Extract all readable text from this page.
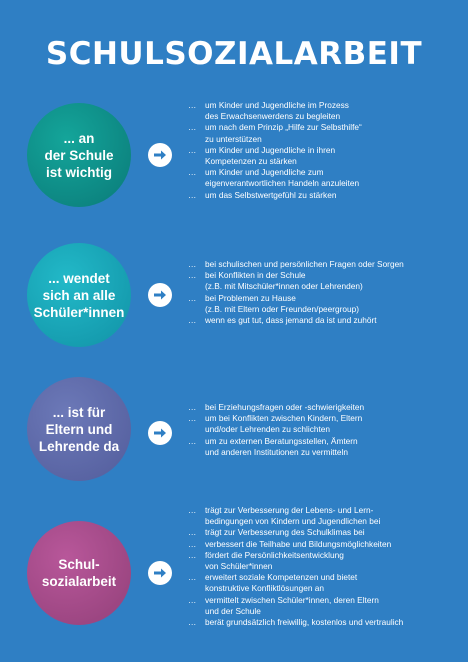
SCHULSOZIALARBEIT
... an
der Schule
ist wichtig
…	um Kinder und Jugendliche im Prozess
des Erwachsenwerdens zu begleiten
…	um nach dem Prinzip „Hilfe zur Selbsthilfe“
zu unterstützen
…	um Kinder und Jugendliche in ihren
Kompetenzen zu stärken
…	um Kinder und Jugendliche zum
eigenverantwortlichen Handeln anzuleiten
…	um das Selbstwertgefühl zu stärken
... wendet
sich an alle
Schüler*innen
…	bei schulischen und persönlichen Fragen oder Sorgen
…	bei Konflikten in der Schule
(z.B. mit Mitschüler*innen oder Lehrenden)
…	bei Problemen zu Hause
(z.B. mit Eltern oder Freunden/peergroup)
…	wenn es gut tut, dass jemand da ist und zuhört
... ist für
Eltern und
Lehrende da
…	bei Erziehungsfragen oder -schwierigkeiten
…	um bei Konflikten zwischen Kindern, Eltern
und/oder Lehrenden zu schlichten
…	um zu externen Beratungsstellen, Ämtern
und anderen Institutionen zu vermitteln
Schul-
sozialarbeit
…	trägt zur Verbesserung der Lebens- und Lern-
bedingungen von Kindern und Jugendlichen bei
…	trägt zur Verbesserung des Schulklimas bei
…	verbessert die Teilhabe und Bildungsmöglichkeiten
…	fördert die Persönlichkeitsentwicklung
von Schüler*innen
…	erweitert soziale Kompetenzen und bietet
konstruktive Konfliktlösungen an
…	vermittelt zwischen Schüler*innen, deren Eltern
und der Schule
…	berät grundsätzlich freiwillig, kostenlos und vertraulich
